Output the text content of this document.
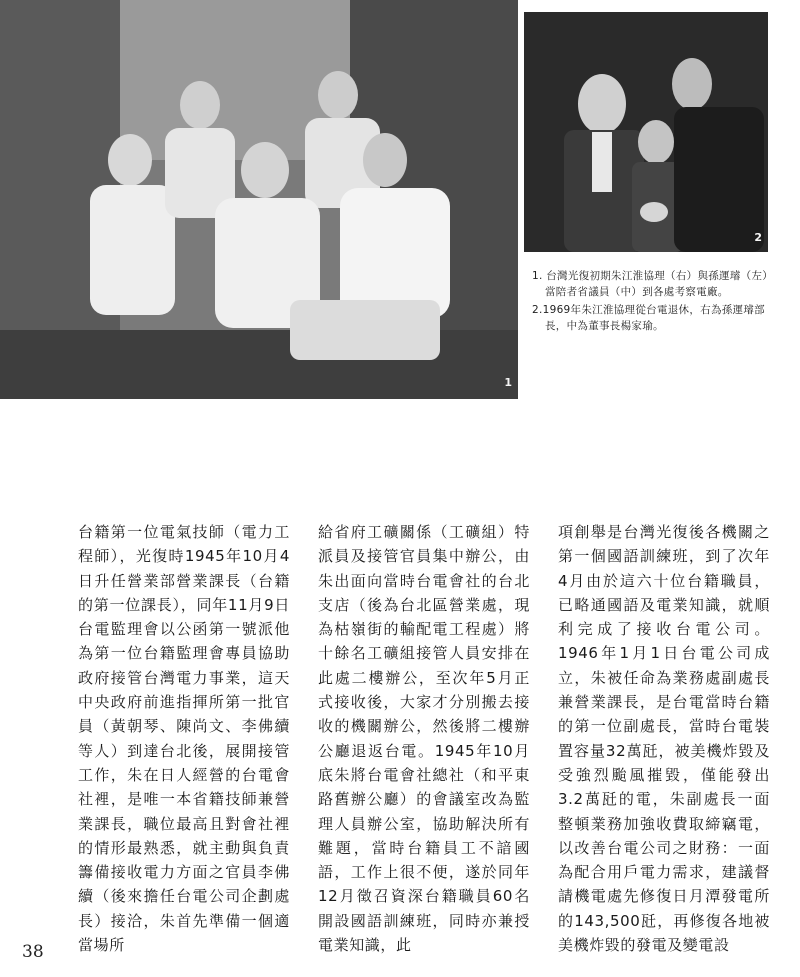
1
2

1. 台灣光復初期朱江淮協理（右）與孫運璿（左）當陪者省議員（中）到各處考察電廠。

2.1969年朱江淮協理從台電退休，右為孫運璿部長，中為董事長楊家瑜。

台籍第一位電氣技師（電力工程師），光復時1945年10月4日升任營業部營業課長（台籍的第一位課長），同年11月9日台電監理會以公函第一號派他為第一位台籍監理會專員協助政府接管台灣電力事業，這天中央政府前進指揮所第一批官員（黃朝琴、陳尚文、李佛續等人）到達台北後，展開接管工作，朱在日人經營的台電會社裡，是唯一本省籍技師兼營業課長，職位最高且對會社裡的情形最熟悉，就主動與負責籌備接收電力方面之官員李佛續（後來擔任台電公司企劃處長）接洽，朱首先準備一個適當場所
給省府工礦關係（工礦組）特派員及接管官員集中辦公，由朱出面向當時台電會社的台北支店（後為台北區營業處，現為枯嶺街的輸配電工程處）將十餘名工礦組接管人員安排在此處二樓辦公，至次年5月正式接收後，大家才分別搬去接收的機關辦公，然後將二樓辦公廳退返台電。1945年10月底朱將台電會社總社（和平東路舊辦公廳）的會議室改為監理人員辦公室，協助解決所有難題，當時台籍員工不諳國語，工作上很不便，遂於同年12月徵召資深台籍職員60名開設國語訓練班，同時亦兼授電業知識，此
項創舉是台灣光復後各機關之第一個國語訓練班，到了次年4月由於這六十位台籍職員，已略通國語及電業知識，就順利完成了接收台電公司。1946年1月1日台電公司成立，朱被任命為業務處副處長兼營業課長，是台電當時台籍的第一位副處長，當時台電裝置容量32萬瓩，被美機炸毀及受強烈颱風摧毀，僅能發出3.2萬瓩的電，朱副處長一面整頓業務加強收費取締竊電，以改善台電公司之財務：一面為配合用戶電力需求，建議督請機電處先修復日月潭發電所的143,500瓩，再修復各地被美機炸毀的發電及變電設
38
